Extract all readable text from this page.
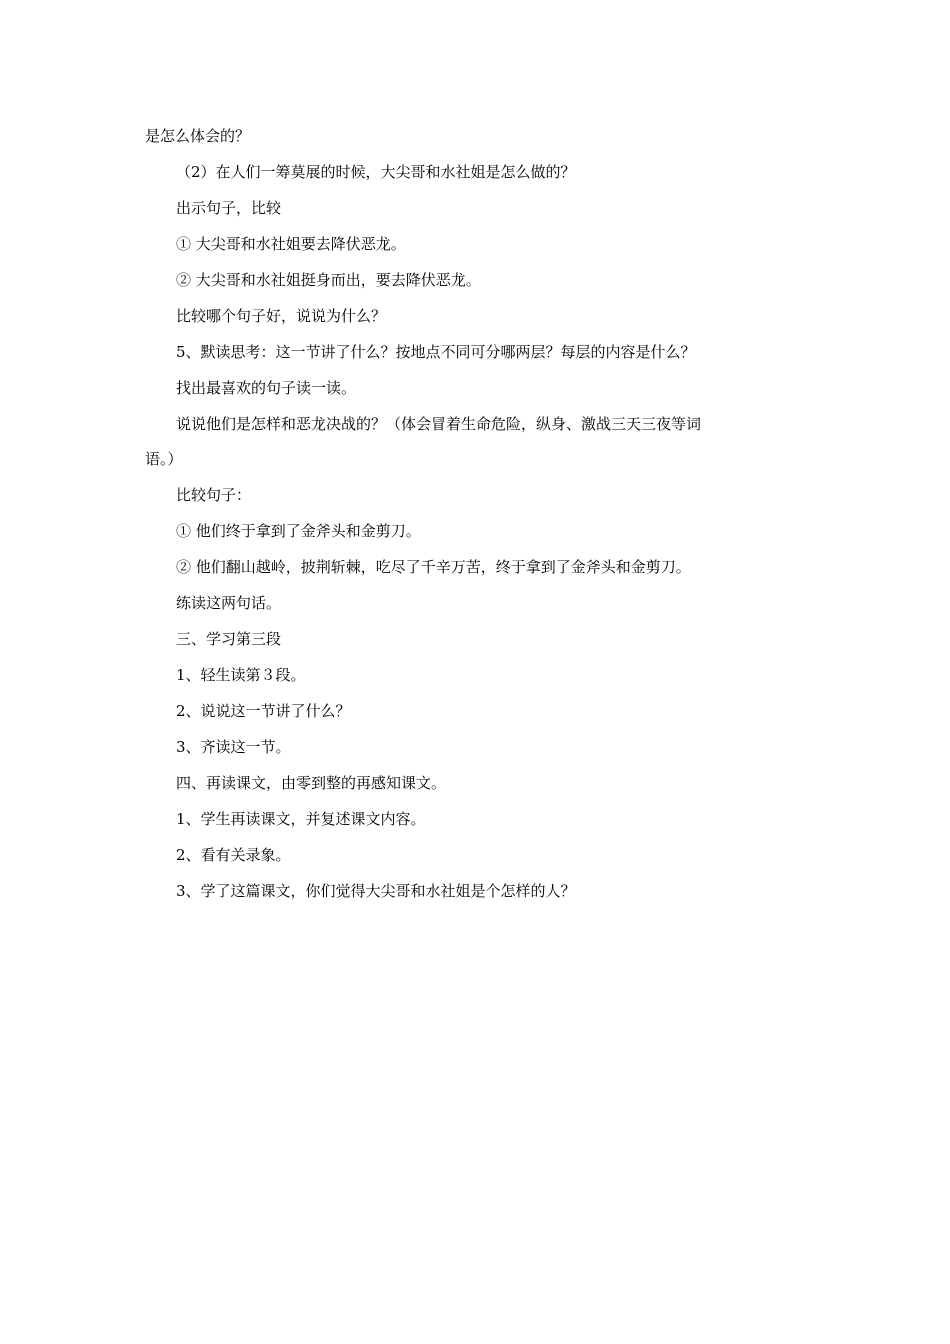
是怎么体会的？

（2）在人们一筹莫展的时候，大尖哥和水社姐是怎么做的？

出示句子，比较

① 大尖哥和水社姐要去降伏恶龙。

② 大尖哥和水社姐挺身而出，要去降伏恶龙。

比较哪个句子好，说说为什么？

5、默读思考：这一节讲了什么？按地点不同可分哪两层？每层的内容是什么？

找出最喜欢的句子读一读。

说说他们是怎样和恶龙决战的？（体会冒着生命危险，纵身、激战三天三夜等词

语。）

比较句子：

① 他们终于拿到了金斧头和金剪刀。

② 他们翻山越岭，披荆斩棘，吃尽了千辛万苦，终于拿到了金斧头和金剪刀。

练读这两句话。

三、学习第三段

1、轻生读第３段。

2、说说这一节讲了什么？

3、齐读这一节。

四、再读课文，由零到整的再感知课文。

1、学生再读课文，并复述课文内容。

2、看有关录象。

3、学了这篇课文，你们觉得大尖哥和水社姐是个怎样的人？
